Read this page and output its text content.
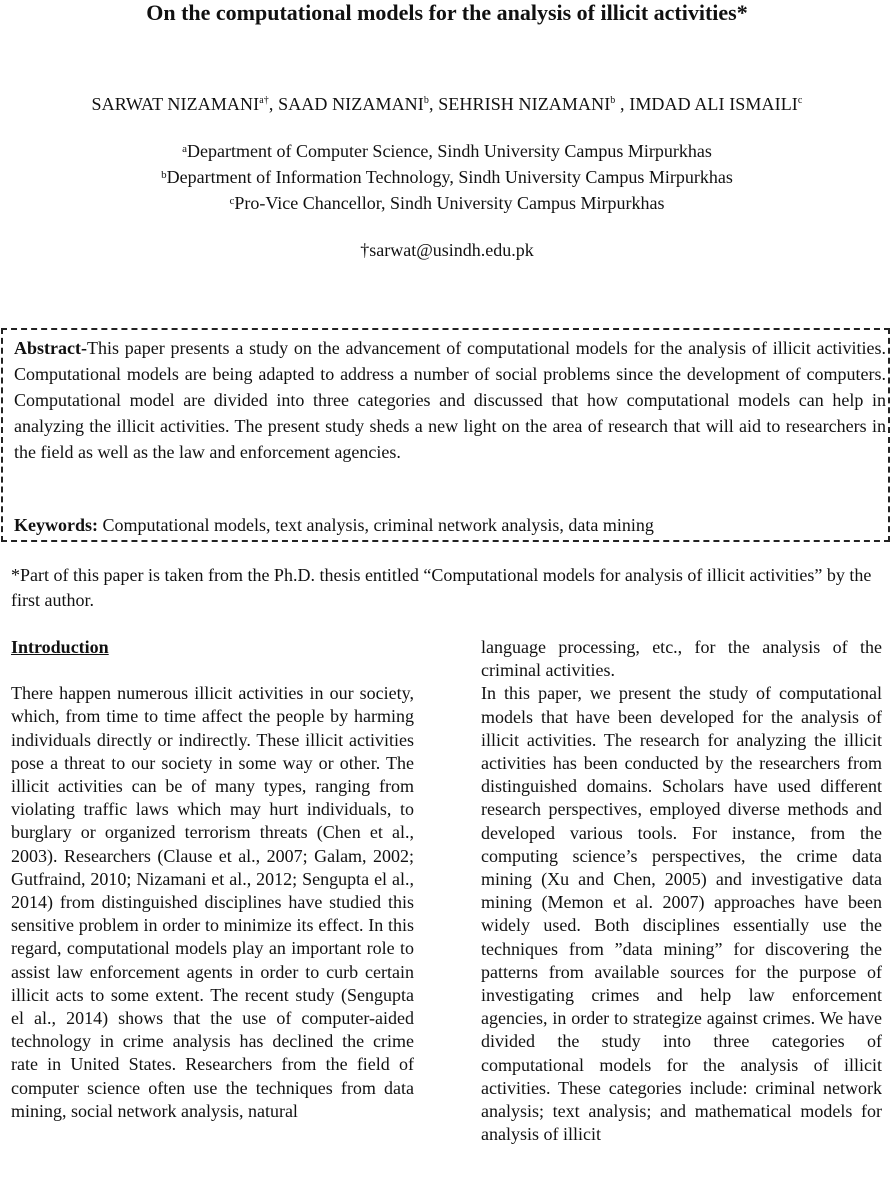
On the computational models for the analysis of illicit activities*
SARWAT $NIZAMANI^{a\dagger}$, SAAD NIZAMANI$^b$, SEHRISH NIZAMANI$^b$ , IMDAD ALI ISMAILI$^c$
$^a$Department of Computer Science, Sindh University Campus Mirpurkhas
$^b$Department of Information Technology, Sindh University Campus Mirpurkhas
$^c$Pro-Vice Chancellor, Sindh University Campus Mirpurkhas
†sarwat@usindh.edu.pk

Abstract-This paper presents a study on the advancement of computational models for the analysis of illicit activities. Computational models are being adapted to address a number of social problems since the development of computers. Computational model are divided into three categories and discussed that how computational models can help in analyzing the illicit activities. The present study sheds a new light on the area of research that will aid to researchers in the field as well as the law and enforcement agencies.

Keywords: Computational models, text analysis, criminal network analysis, data mining

*Part of this paper is taken from the Ph.D. thesis entitled “Computational models for analysis of illicit activities” by the first author.

Introduction

There happen numerous illicit activities in our society, which, from time to time affect the people by harming individuals directly or indirectly. These illicit activities pose a threat to our society in some way or other. The illicit activities can be of many types, ranging from violating traffic laws which may hurt individuals, to burglary or organized terrorism threats (Chen et al., 2003). Researchers (Clause et al., 2007; Galam, 2002; Gutfraind, 2010; Nizamani et al., 2012; Sengupta el al., 2014) from distinguished disciplines have studied this sensitive problem in order to minimize its effect. In this regard, computational models play an important role to assist law enforcement agents in order to curb certain illicit acts to some extent. The recent study (Sengupta el al., 2014) shows that the use of computer-aided technology in crime analysis has declined the crime rate in United States. Researchers from the field of computer science often use the techniques from data mining, social network analysis, natural

language processing, etc., for the analysis of the criminal activities.

In this paper, we present the study of computational models that have been developed for the analysis of illicit activities. The research for analyzing the illicit activities has been conducted by the researchers from distinguished domains. Scholars have used different research perspectives, employed diverse methods and developed various tools. For instance, from the computing science’s perspectives, the crime data mining (Xu and Chen, 2005) and investigative data mining (Memon et al. 2007) approaches have been widely used. Both disciplines essentially use the techniques from ”data mining” for discovering the patterns from available sources for the purpose of investigating crimes and help law enforcement agencies, in order to strategize against crimes. We have divided the study into three categories of computational models for the analysis of illicit activities. These categories include: criminal network analysis; text analysis; and mathematical models for analysis of illicit
